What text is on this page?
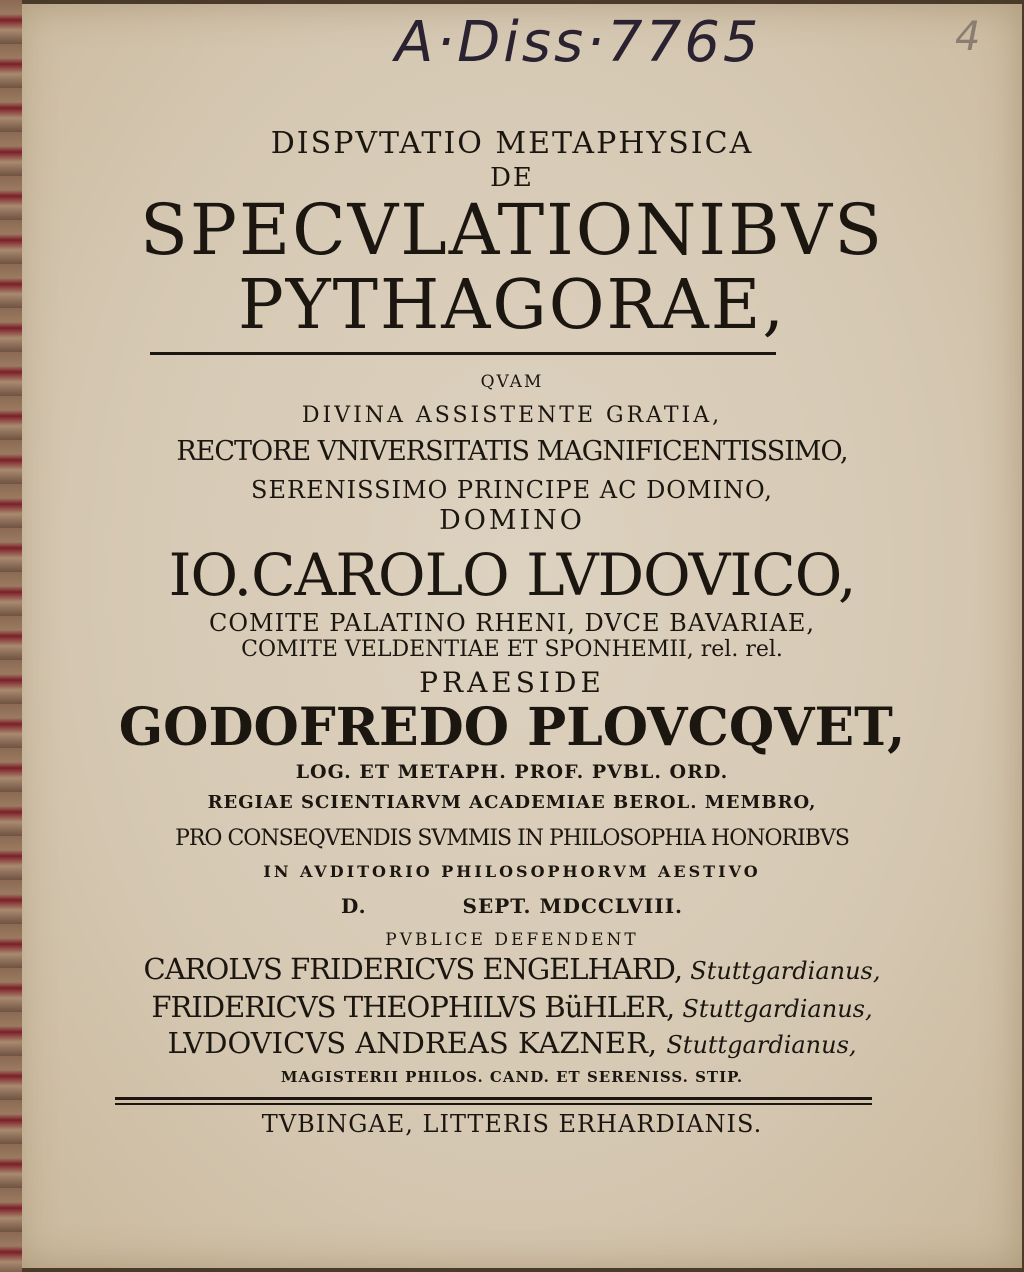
A·Diss·7765	4
DISPVTATIO METAPHYSICA
DE
SPECVLATIONIBVS
PYTHAGORAE,
QVAM
DIVINA ASSISTENTE GRATIA,
RECTORE VNIVERSITATIS MAGNIFICENTISSIMO,
SERENISSIMO PRINCIPE AC DOMINO,
DOMINO
IO.CAROLO LVDOVICO,
COMITE PALATINO RHENI, DVCE BAVARIAE,
COMITE VELDENTIAE ET SPONHEMII, rel. rel.
PRAESIDE
GODOFREDO PLOVCQVET,
LOG. ET METAPH. PROF. PVBL. ORD.
REGIAE SCIENTIARVM ACADEMIAE BEROL. MEMBRO,
PRO CONSEQVENDIS SVMMIS IN PHILOSOPHIA HONORIBVS
IN AVDITORIO PHILOSOPHORVM AESTIVO
D.	SEPT. MDCCLVIII.
PVBLICE DEFENDENT
CAROLVS FRIDERICVS ENGELHARD, Stuttgardianus,
FRIDERICVS THEOPHILVS BüHLER, Stuttgardianus,
LVDOVICVS ANDREAS KAZNER, Stuttgardianus,
MAGISTERII PHILOS. CAND. ET SERENISS. STIP.
TVBINGAE, LITTERIS ERHARDIANIS.
